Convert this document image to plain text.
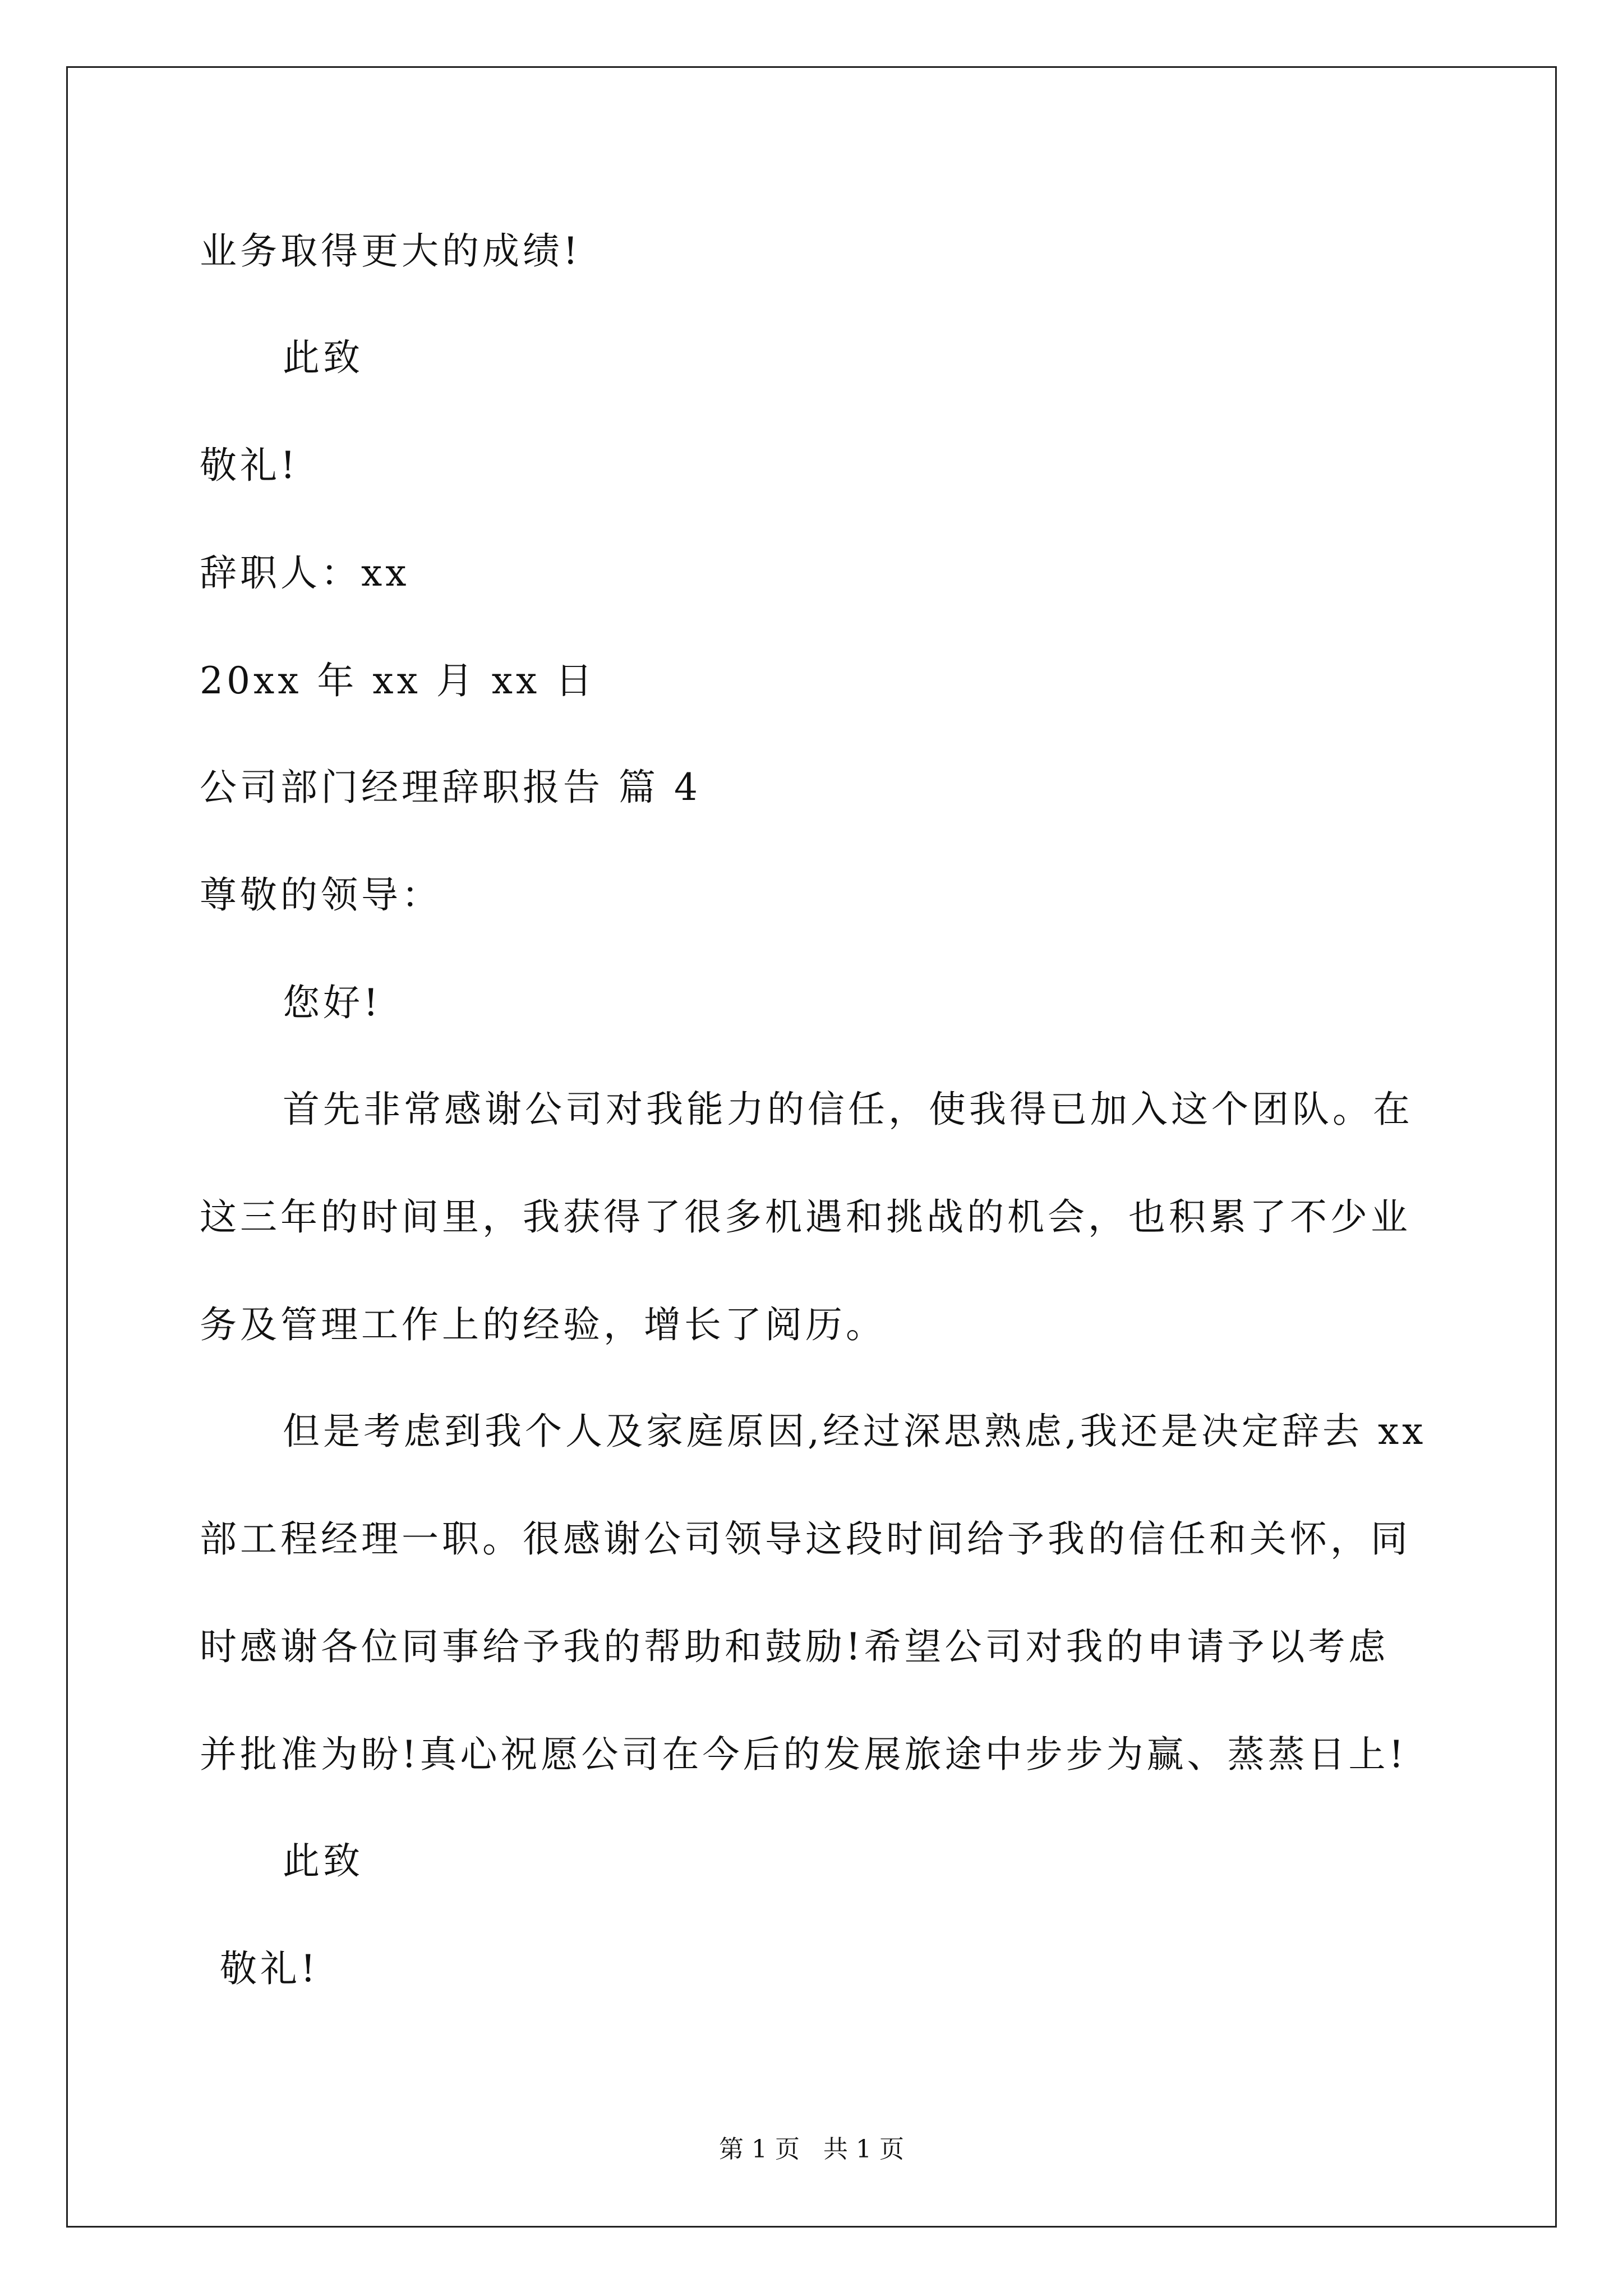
业务取得更大的成绩!
此致
敬礼!
辞职人：xx
20xx 年 xx 月 xx 日
公司部门经理辞职报告 篇 4
尊敬的领导：
您好!
首先非常感谢公司对我能力的信任，使我得已加入这个团队。在
这三年的时间里，我获得了很多机遇和挑战的机会，也积累了不少业
务及管理工作上的经验，增长了阅历。
但是考虑到我个人及家庭原因,经过深思熟虑,我还是决定辞去 xx
部工程经理一职。很感谢公司领导这段时间给予我的信任和关怀，同
时感谢各位同事给予我的帮助和鼓励!希望公司对我的申请予以考虑
并批准为盼!真心祝愿公司在今后的发展旅途中步步为赢、蒸蒸日上!
此致
敬礼!
第 1 页 共 1 页
